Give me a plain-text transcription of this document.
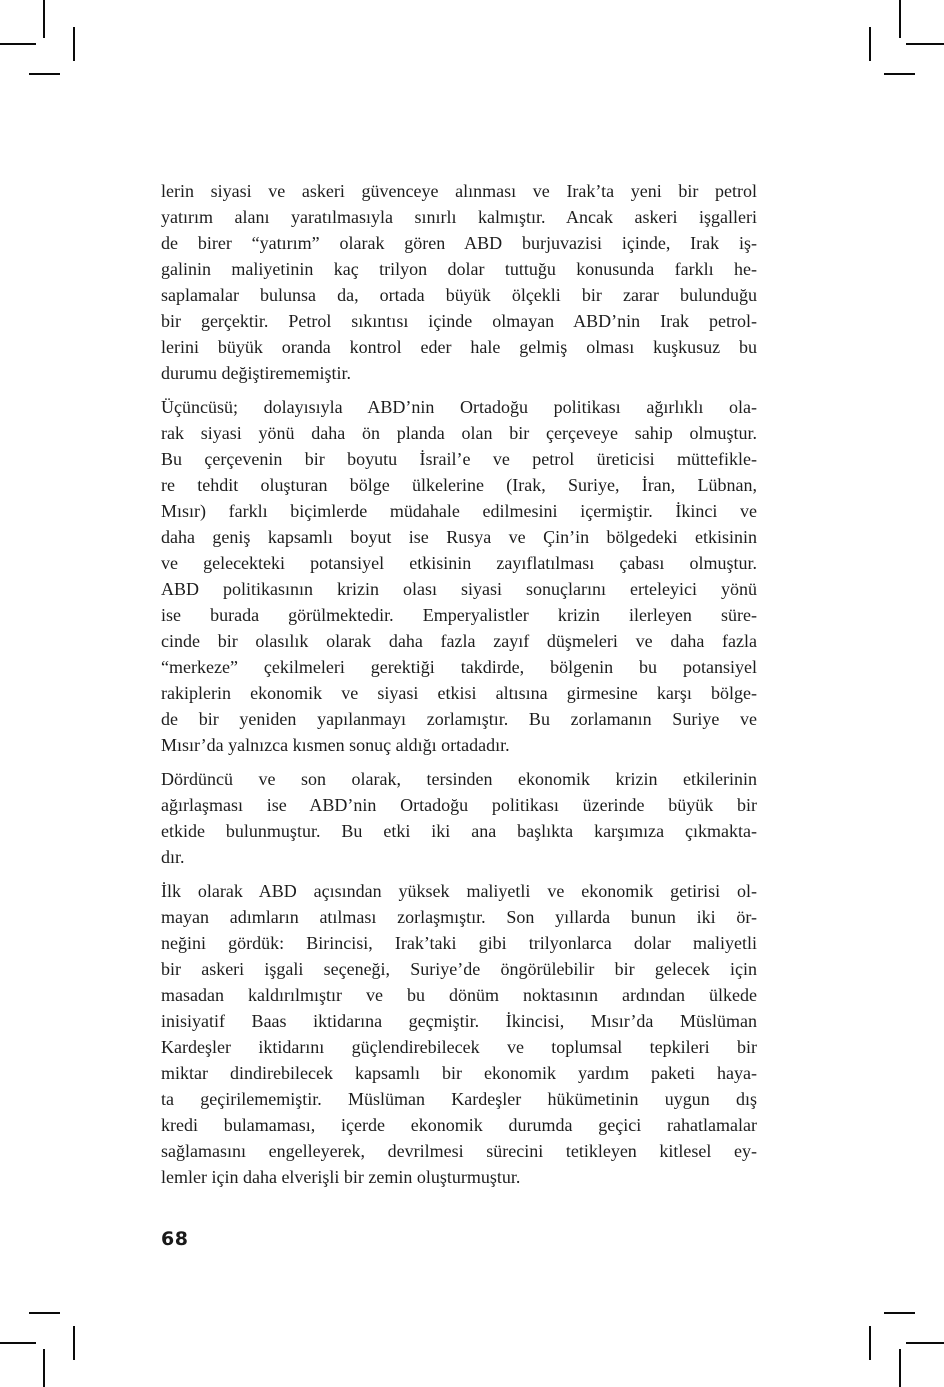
lerin siyasi ve askeri güvenceye alınması ve Irak’ta yeni bir petrol
yatırım alanı yaratılmasıyla sınırlı kalmıştır. Ancak askeri işgalleri
de birer “yatırım” olarak gören ABD burjuvazisi içinde, Irak iş-
galinin maliyetinin kaç trilyon dolar tuttuğu konusunda farklı he-
saplamalar bulunsa da, ortada büyük ölçekli bir zarar bulunduğu
bir gerçektir. Petrol sıkıntısı içinde olmayan ABD’nin Irak petrol-
lerini büyük oranda kontrol eder hale gelmiş olması kuşkusuz bu
durumu değiştirememiştir.
Üçüncüsü; dolayısıyla ABD’nin Ortadoğu politikası ağırlıklı ola-
rak siyasi yönü daha ön planda olan bir çerçeveye sahip olmuştur.
Bu çerçevenin bir boyutu İsrail’e ve petrol üreticisi müttefikle-
re tehdit oluşturan bölge ülkelerine (Irak, Suriye, İran, Lübnan,
Mısır) farklı biçimlerde müdahale edilmesini içermiştir. İkinci ve
daha geniş kapsamlı boyut ise Rusya ve Çin’in bölgedeki etkisinin
ve gelecekteki potansiyel etkisinin zayıflatılması çabası olmuştur.
ABD politikasının krizin olası siyasi sonuçlarını erteleyici yönü
ise burada görülmektedir. Emperyalistler krizin ilerleyen süre-
cinde bir olasılık olarak daha fazla zayıf düşmeleri ve daha fazla
“merkeze” çekilmeleri gerektiği takdirde, bölgenin bu potansiyel
rakiplerin ekonomik ve siyasi etkisi altısına girmesine karşı bölge-
de bir yeniden yapılanmayı zorlamıştır. Bu zorlamanın Suriye ve
Mısır’da yalnızca kısmen sonuç aldığı ortadadır.
Dördüncü ve son olarak, tersinden ekonomik krizin etkilerinin
ağırlaşması ise ABD’nin Ortadoğu politikası üzerinde büyük bir
etkide bulunmuştur. Bu etki iki ana başlıkta karşımıza çıkmakta-
dır.
İlk olarak ABD açısından yüksek maliyetli ve ekonomik getirisi ol-
mayan adımların atılması zorlaşmıştır. Son yıllarda bunun iki ör-
neğini gördük: Birincisi, Irak’taki gibi trilyonlarca dolar maliyetli
bir askeri işgali seçeneği, Suriye’de öngörülebilir bir gelecek için
masadan kaldırılmıştır ve bu dönüm noktasının ardından ülkede
inisiyatif Baas iktidarına geçmiştir. İkincisi, Mısır’da Müslüman
Kardeşler iktidarını güçlendirebilecek ve toplumsal tepkileri bir
miktar dindirebilecek kapsamlı bir ekonomik yardım paketi haya-
ta geçirilememiştir. Müslüman Kardeşler hükümetinin uygun dış
kredi bulamaması, içerde ekonomik durumda geçici rahatlamalar
sağlamasını engelleyerek, devrilmesi sürecini tetikleyen kitlesel ey-
lemler için daha elverişli bir zemin oluşturmuştur.
68
